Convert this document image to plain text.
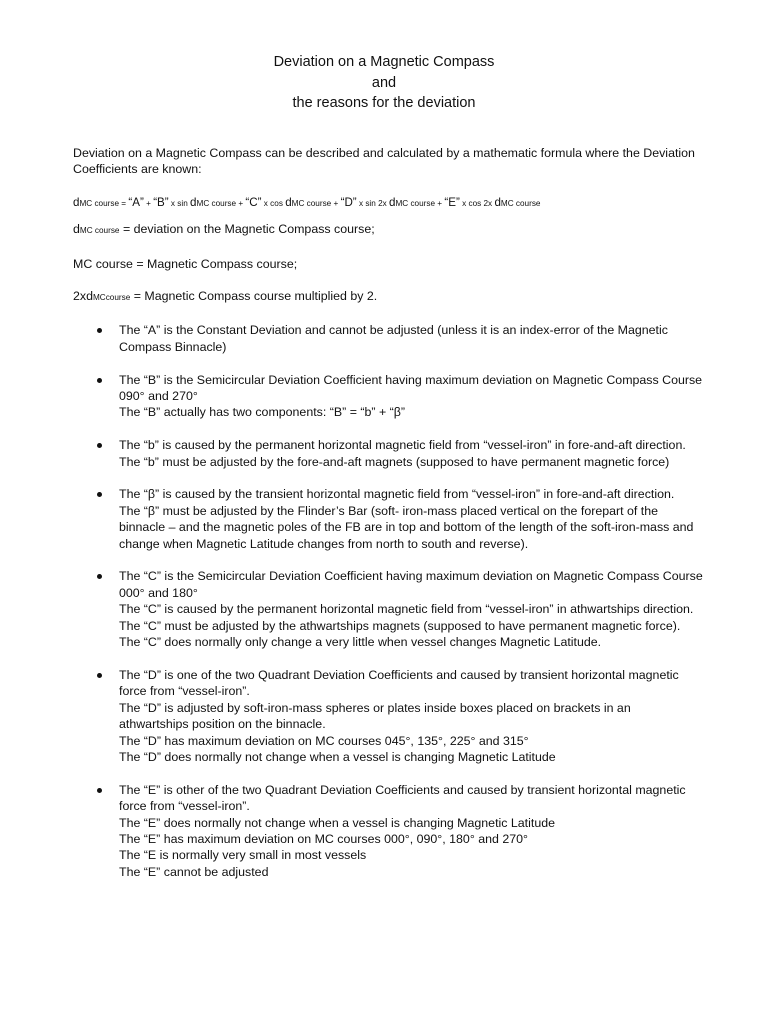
Deviation on a Magnetic Compass
and
the reasons for the deviation

Deviation on a Magnetic Compass can be described and calculated by a mathematic formula where the Deviation Coefficients are known:

dMC course = “A” + “B” x sin dMC course + “C” x cos dMC course + “D” x sin 2x dMC course + “E” x cos 2x dMC course

dMC course = deviation on the Magnetic Compass course;

MC course = Magnetic Compass course;

2xdMCcourse = Magnetic Compass course multiplied by 2.

The “A” is the Constant Deviation and cannot be adjusted (unless it is an index-error of the Magnetic Compass Binnacle)
The “B” is the Semicircular Deviation Coefficient having maximum deviation on Magnetic Compass Course 090° and 270°
The “B” actually has two components: “B” = “b” + “β”
The “b” is caused by the permanent horizontal magnetic field from “vessel-iron” in fore-and-aft direction.
The “b” must be adjusted by the fore-and-aft magnets (supposed to have permanent magnetic force)
The “β” is caused by the transient horizontal magnetic field from “vessel-iron” in fore-and-aft direction.
The “β” must be adjusted by the Flinder’s Bar (soft- iron-mass placed vertical on the forepart of the binnacle – and the magnetic poles of the FB are in top and bottom of the length of the soft-iron-mass and change when Magnetic Latitude changes from north to south and reverse).
The “C” is the Semicircular Deviation Coefficient having maximum deviation on Magnetic Compass Course 000° and 180°
The “C” is caused by the permanent horizontal magnetic field from “vessel-iron” in athwartships direction.
The “C” must be adjusted by the athwartships magnets (supposed to have permanent magnetic force).
The “C” does normally only change a very little when vessel changes Magnetic Latitude.
The “D” is one of the two Quadrant Deviation Coefficients and caused by transient horizontal magnetic force from “vessel-iron”.
The “D” is adjusted by soft-iron-mass spheres or plates inside boxes placed on brackets in an athwartships position on the binnacle.
The “D” has maximum deviation on MC courses 045°, 135°, 225° and 315°
The “D” does normally not change when a vessel is changing Magnetic Latitude
The “E” is other of the two Quadrant Deviation Coefficients and caused by transient horizontal magnetic force from “vessel-iron”.
The “E” does normally not change when a vessel is changing Magnetic Latitude
The “E” has maximum deviation on MC courses 000°, 090°, 180° and 270°
The “E is normally very small in most vessels
The “E” cannot be adjusted
